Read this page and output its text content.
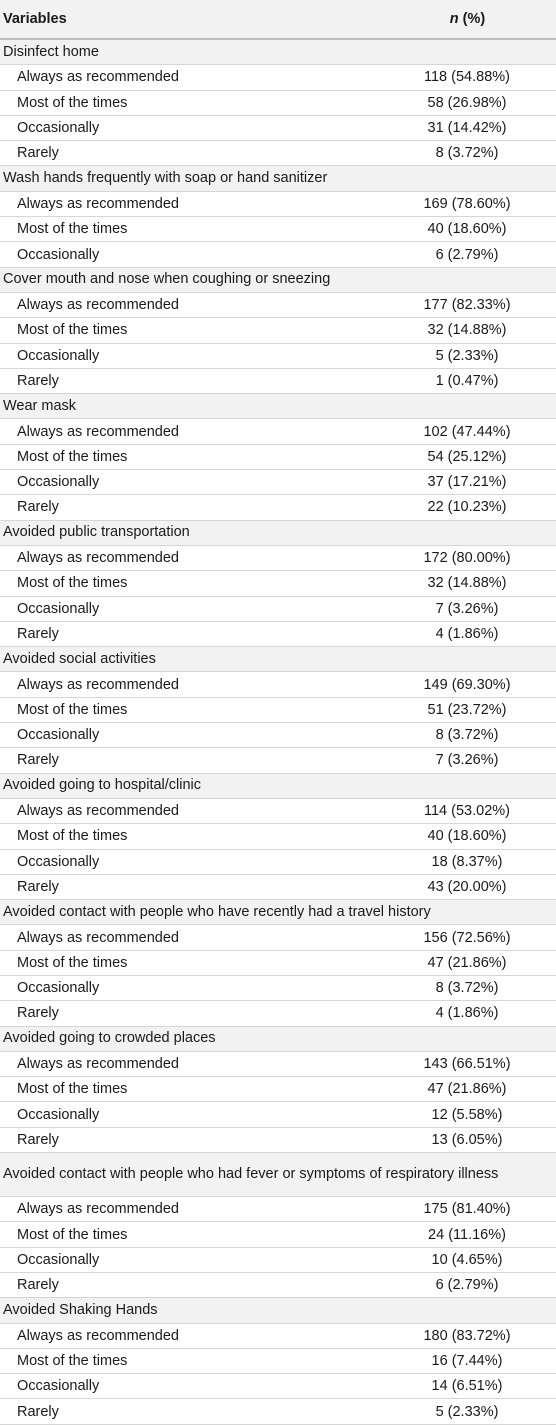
Variables	n (%)
Disinfect home
Always as recommended	118 (54.88%)
Most of the times	58 (26.98%)
Occasionally	31 (14.42%)
Rarely	8 (3.72%)
Wash hands frequently with soap or hand sanitizer
Always as recommended	169 (78.60%)
Most of the times	40 (18.60%)
Occasionally	6 (2.79%)
Cover mouth and nose when coughing or sneezing
Always as recommended	177 (82.33%)
Most of the times	32 (14.88%)
Occasionally	5 (2.33%)
Rarely	1 (0.47%)
Wear mask
Always as recommended	102 (47.44%)
Most of the times	54 (25.12%)
Occasionally	37 (17.21%)
Rarely	22 (10.23%)
Avoided public transportation
Always as recommended	172 (80.00%)
Most of the times	32 (14.88%)
Occasionally	7 (3.26%)
Rarely	4 (1.86%)
Avoided social activities
Always as recommended	149 (69.30%)
Most of the times	51 (23.72%)
Occasionally	8 (3.72%)
Rarely	7 (3.26%)
Avoided going to hospital/clinic
Always as recommended	114 (53.02%)
Most of the times	40 (18.60%)
Occasionally	18 (8.37%)
Rarely	43 (20.00%)
Avoided contact with people who have recently had a travel history
Always as recommended	156 (72.56%)
Most of the times	47 (21.86%)
Occasionally	8 (3.72%)
Rarely	4 (1.86%)
Avoided going to crowded places
Always as recommended	143 (66.51%)
Most of the times	47 (21.86%)
Occasionally	12 (5.58%)
Rarely	13 (6.05%)
Avoided contact with people who had fever or symptoms of respiratory illness
Always as recommended	175 (81.40%)
Most of the times	24 (11.16%)
Occasionally	10 (4.65%)
Rarely	6 (2.79%)
Avoided Shaking Hands
Always as recommended	180 (83.72%)
Most of the times	16 (7.44%)
Occasionally	14 (6.51%)
Rarely	5 (2.33%)
